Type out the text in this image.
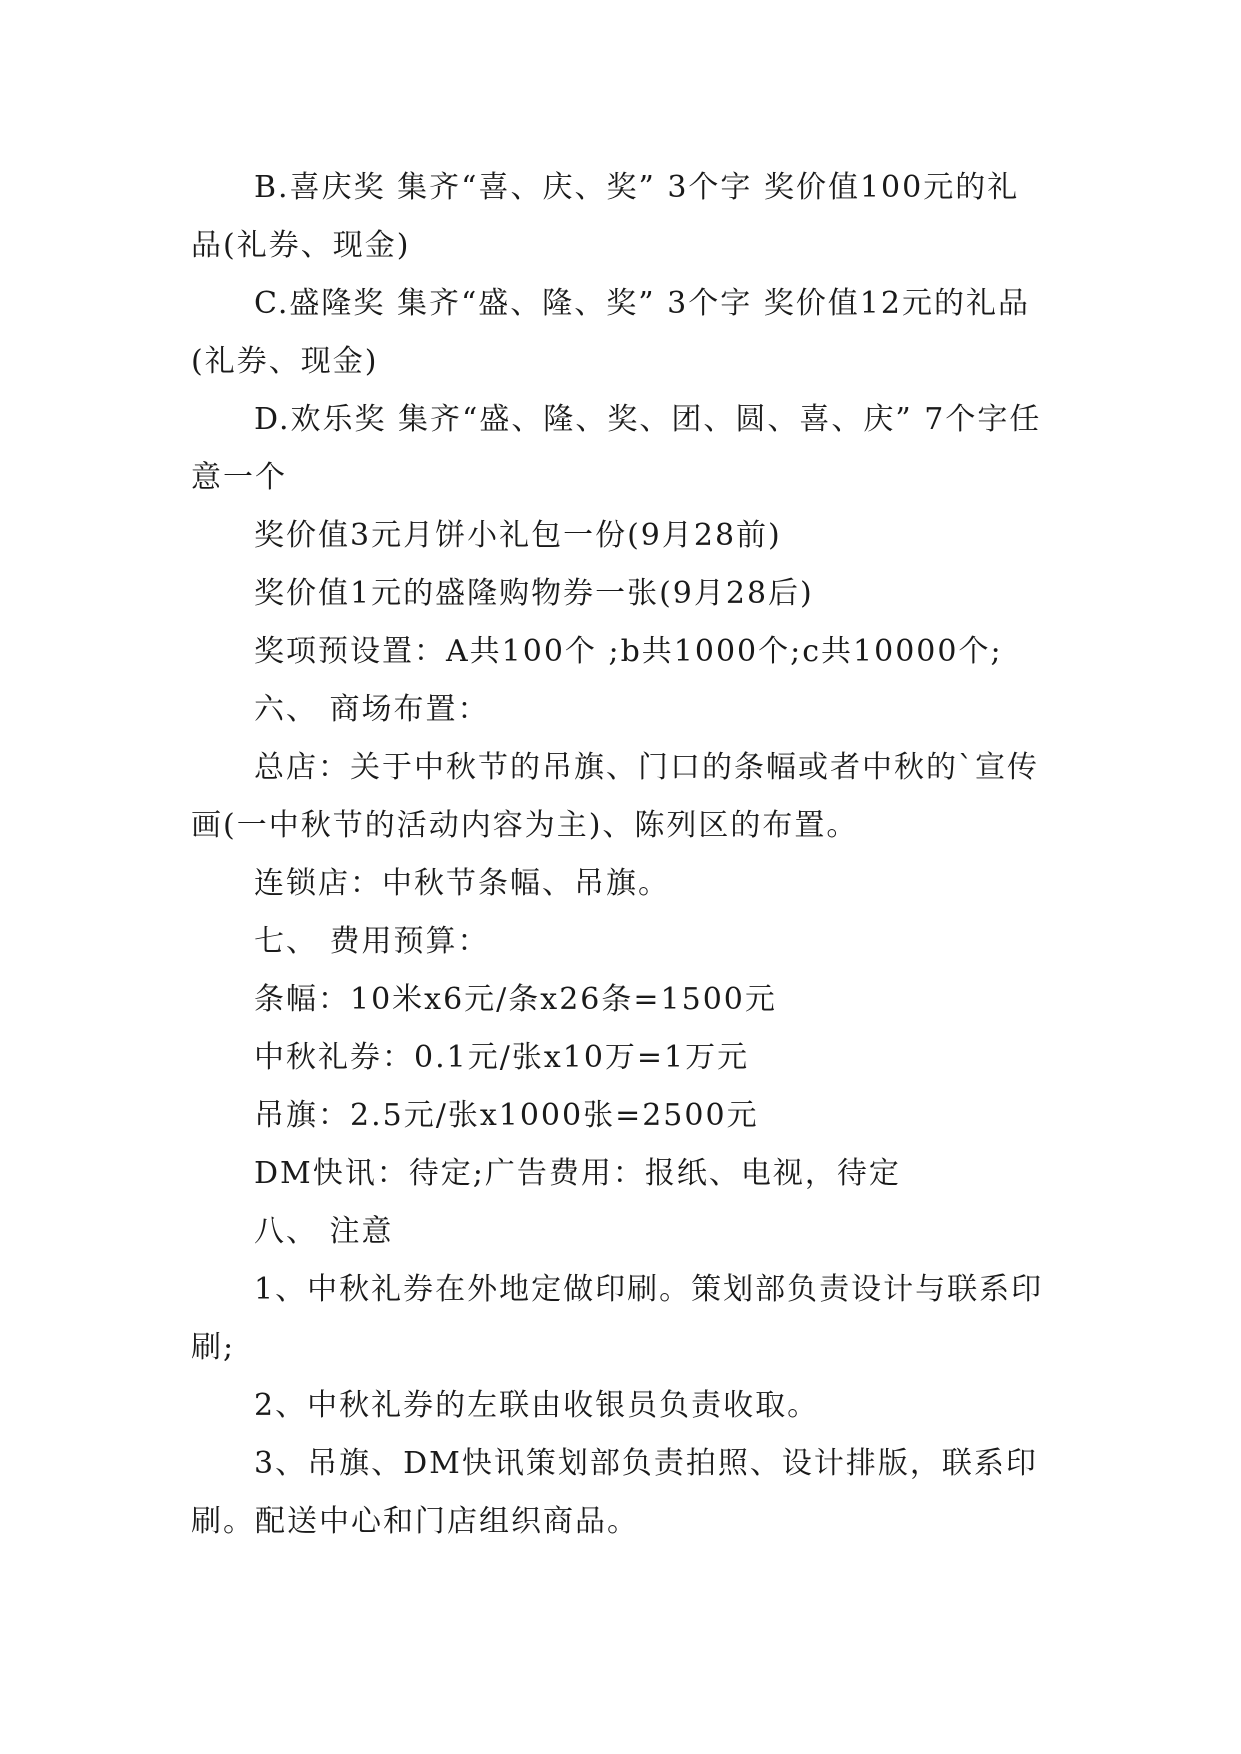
B.喜庆奖 集齐“喜、庆、奖” 3个字 奖价值100元的礼品(礼券、现金)

C.盛隆奖 集齐“盛、隆、奖” 3个字 奖价值12元的礼品(礼券、现金)

D.欢乐奖 集齐“盛、隆、奖、团、圆、喜、庆” 7个字任意一个

奖价值3元月饼小礼包一份(9月28前)

奖价值1元的盛隆购物券一张(9月28后)

奖项预设置：A共100个 ;b共1000个;c共10000个;

六、 商场布置：

总店：关于中秋节的吊旗、门口的条幅或者中秋的`宣传画(一中秋节的活动内容为主)、陈列区的布置。

连锁店：中秋节条幅、吊旗。

七、 费用预算：

条幅：10米x6元/条x26条=1500元

中秋礼券：0.1元/张x10万=1万元

吊旗：2.5元/张x1000张=2500元

DM快讯：待定;广告费用：报纸、电视，待定

八、 注意

1、中秋礼券在外地定做印刷。策划部负责设计与联系印刷;

2、中秋礼券的左联由收银员负责收取。

3、吊旗、DM快讯策划部负责拍照、设计排版，联系印刷。配送中心和门店组织商品。
